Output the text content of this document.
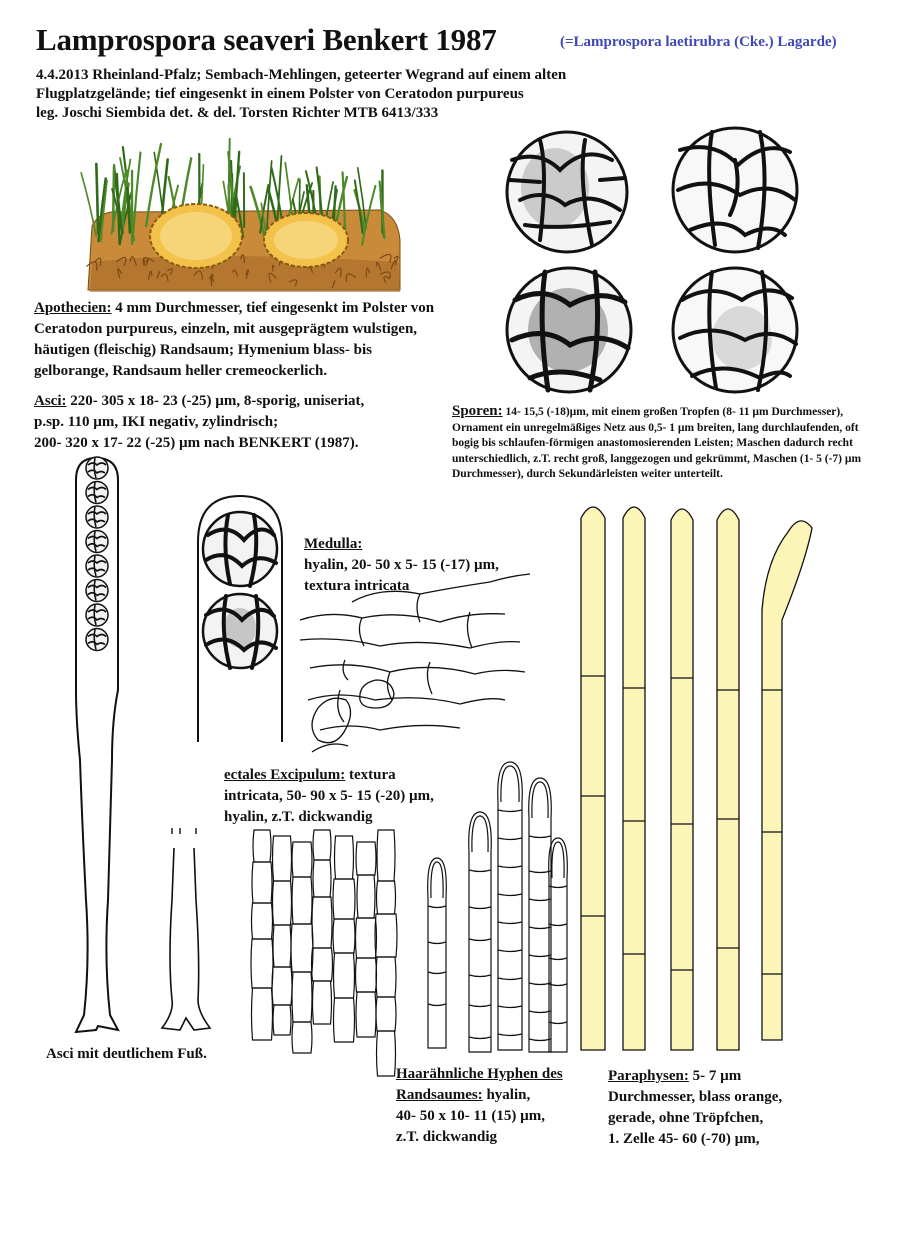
Lamprospora seaveri Benkert 1987	(=Lamprospora laetirubra (Cke.) Lagarde)
4.4.2013 Rheinland-Pfalz; Sembach-Mehlingen, geteerter Wegrand auf einem alten
Flugplatzgelände; tief eingesenkt in einem Polster von Ceratodon purpureus
leg. Joschi Siembida det. & del. Torsten Richter MTB 6413/333
Apothecien: 4 mm Durchmesser, tief eingesenkt im Polster von
Ceratodon purpureus, einzeln, mit ausgeprägtem wulstigen,
häutigen (fleischig) Randsaum; Hymenium blass- bis
gelborange, Randsaum heller cremeockerlich.
Asci: 220- 305 x 18- 23 (-25) µm, 8-sporig, uniseriat,
p.sp. 110 µm, IKI negativ, zylindrisch;
200- 320 x 17- 22 (-25) µm nach BENKERT (1987).
Sporen: 14- 15,5 (-18)µm, mit einem großen Tropfen (8- 11 µm Durchmesser), Ornament ein unregelmäßiges Netz aus 0,5- 1 µm breiten, lang durchlaufenden, oft bogig bis schlaufen-förmigen anastomosierenden Leisten; Maschen dadurch recht unterschiedlich, z.T. recht groß, langgezogen und gekrümmt, Maschen (1- 5 (-7) µm Durchmesser), durch Sekundärleisten weiter unterteilt.
Medulla:
hyalin, 20- 50 x 5- 15 (-17) µm,
textura intricata
ectales Excipulum: textura
intricata, 50- 90 x 5- 15 (-20) µm,
hyalin, z.T. dickwandig
Asci mit deutlichem Fuß.
Haarähnliche Hyphen des
Randsaumes: hyalin,
40- 50 x 10- 11 (15) µm,
z.T. dickwandig
Paraphysen: 5- 7 µm
Durchmesser, blass orange,
gerade, ohne Tröpfchen,
1. Zelle 45- 60 (-70) µm,
